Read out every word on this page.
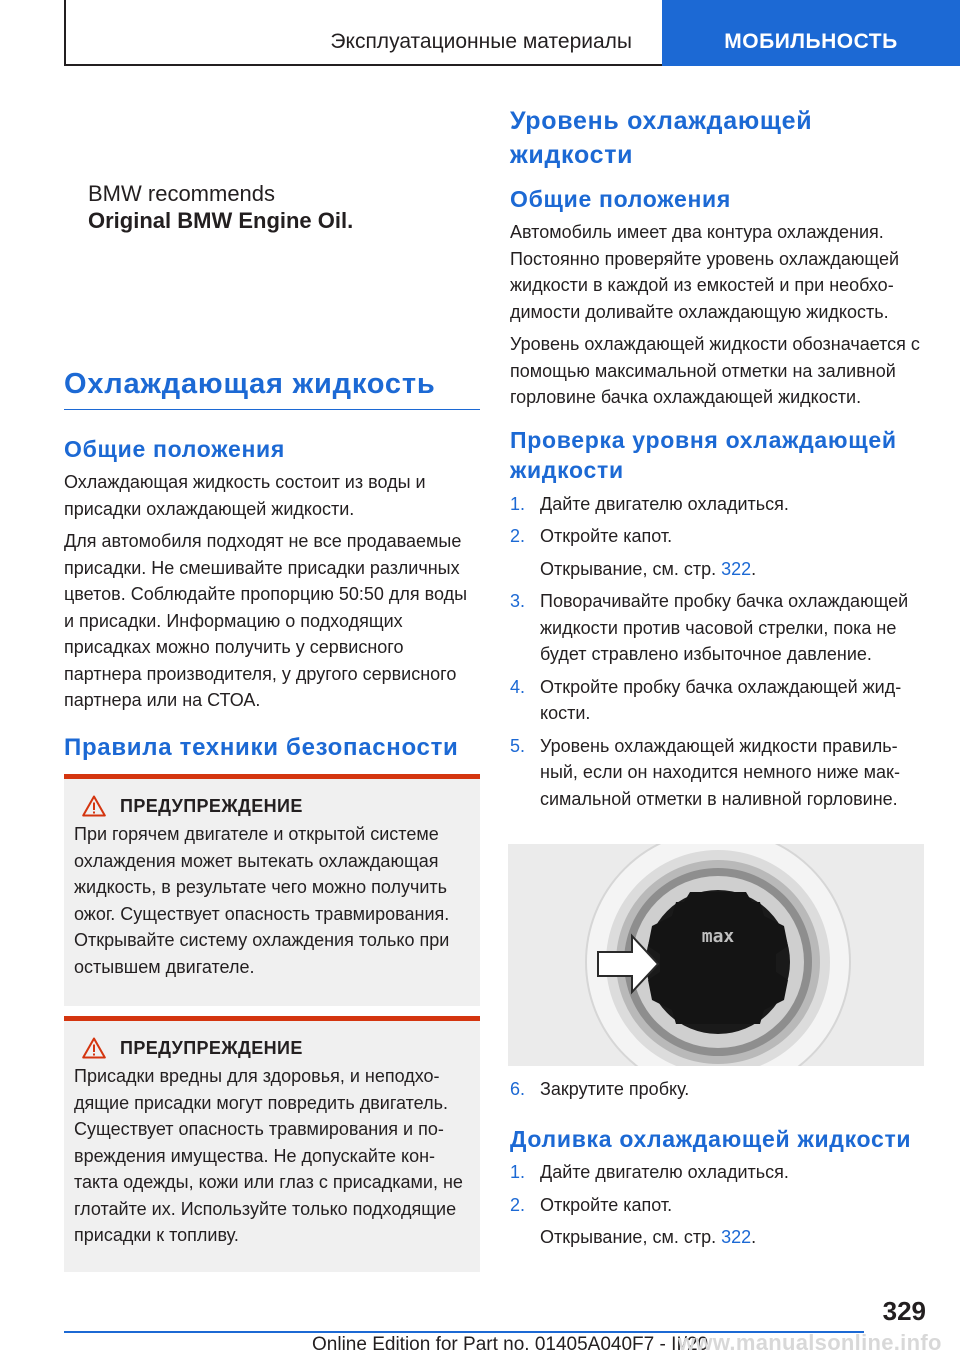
Эксплуатационные материалы	МОБИЛЬНОСТЬ
BMW recommends
Original BMW Engine Oil.
Охлаждающая жидкость
Общие положения

Охлаждающая жидкость состоит из воды и присадки охлаждающей жидкости.

Для автомобиля подходят не все продаваемые присадки. Не смешивайте присадки различных цветов. Соблюдайте пропорцию 50:50 для воды и присадки. Информацию о подходящих присадках можно получить у сервисного партнера производителя, у другого сервисного партнера или на СТОА.

Правила техники безопасности
ПРЕДУПРЕЖДЕНИЕ

При горячем двигателе и открытой системе охлаждения может вытекать охлаждающая жидкость, в результате чего можно получить ожог. Существует опасность травмирования. Открывайте систему охлаждения только при остывшем двигателе.

ПРЕДУПРЕЖДЕНИЕ

Присадки вредны для здоровья, и неподходящие присадки могут повредить двигатель. Существует опасность травмирования и повреждения имущества. Не допускайте контакта одежды, кожи или глаз с присадками, не глотайте их. Используйте только подходящие присадки к топливу.

Уровень охлаждающей жидкости
Общие положения

Автомобиль имеет два контура охлаждения. Постоянно проверяйте уровень охлаждающей жидкости в каждой из емкостей и при необходимости доливайте охлаждающую жидкость.

Уровень охлаждающей жидкости обозначается с помощью максимальной отметки на заливной горловине бачка охлаждающей жидкости.

Проверка уровня охлаждающей жидкости
1. Дайте двигателю охладиться.
2. Откройте капот.
Открывание, см. стр. 322.
3. Поворачивайте пробку бачка охлаждающей жидкости против часовой стрелки, пока не будет стравлено избыточное давление.
4. Откройте пробку бачка охлаждающей жидкости.
5. Уровень охлаждающей жидкости правильный, если он находится немного ниже максимальной отметки в наливной горловине.
max
6. Закрутите пробку.
Доливка охлаждающей жидкости
1. Дайте двигателю охладиться.
2. Откройте капот.
Открывание, см. стр. 322.
329
Online Edition for Part no. 01405A040F7 - II/20
www.manualsonline.info
